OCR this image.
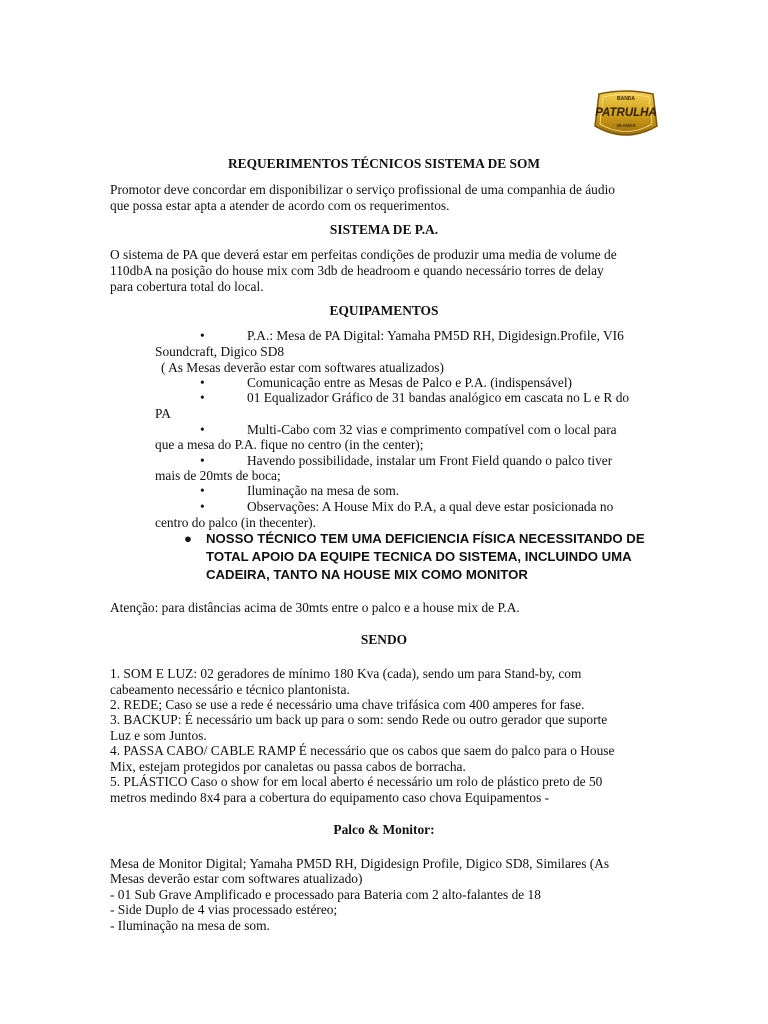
BANDA
PATRULHA
28 ANOS
REQUERIMENTOS TÉCNICOS SISTEMA DE SOM
Promotor deve concordar em disponibilizar o serviço profissional de uma companhia de áudio
que possa estar apta a atender de acordo com os requerimentos.
SISTEMA DE P.A.
O sistema de PA que deverá estar em perfeitas condições de produzir uma media de volume de
110dbA na posição do house mix com 3db de headroom e quando necessário torres de delay
para cobertura total do local.
EQUIPAMENTOS
•	P.A.: Mesa de PA Digital: Yamaha PM5D RH, Digidesign.Profile, VI6
Soundcraft, Digico SD8
( As Mesas deverão estar com softwares atualizados)
•	Comunicação entre as Mesas de Palco e P.A. (indispensável)
•	01 Equalizador Gráfico de 31 bandas analógico em cascata no L e R do
PA
•	Multi-Cabo com 32 vias e comprimento compatível com o local para
que a mesa do P.A. fique no centro (in the center);
•	Havendo possibilidade, instalar um Front Field quando o palco tiver
mais de 20mts de boca;
•	Iluminação na mesa de som.
•	Observações: A House Mix do P.A, a qual deve estar posicionada no
centro do palco (in thecenter).
● NOSSO TÉCNICO TEM UMA DEFICIENCIA FÍSICA NECESSITANDO DE
TOTAL APOIO DA EQUIPE TECNICA DO SISTEMA, INCLUINDO UMA
CADEIRA, TANTO NA HOUSE MIX COMO MONITOR
Atenção: para distâncias acima de 30mts entre o palco e a house mix de P.A.
SENDO
1. SOM E LUZ: 02 geradores de mínimo 180 Kva (cada), sendo um para Stand-by, com
cabeamento necessário e técnico plantonista.
2. REDE; Caso se use a rede é necessário uma chave trifásica com 400 amperes for fase.
3. BACKUP: É necessário um back up para o som: sendo Rede ou outro gerador que suporte
Luz e som Juntos.
4. PASSA CABO/ CABLE RAMP É necessário que os cabos que saem do palco para o House
Mix, estejam protegidos por canaletas ou passa cabos de borracha.
5. PLÁSTICO Caso o show for em local aberto é necessário um rolo de plástico preto de 50
metros medindo 8x4 para a cobertura do equipamento caso chova Equipamentos -
Palco & Monitor:
Mesa de Monitor Digital; Yamaha PM5D RH, Digidesign Profile, Digico SD8, Similares (As
Mesas deverão estar com softwares atualizado)
- 01 Sub Grave Amplificado e processado para Bateria com 2 alto-falantes de 18
- Side Duplo de 4 vias processado estéreo;
- Iluminação na mesa de som.
